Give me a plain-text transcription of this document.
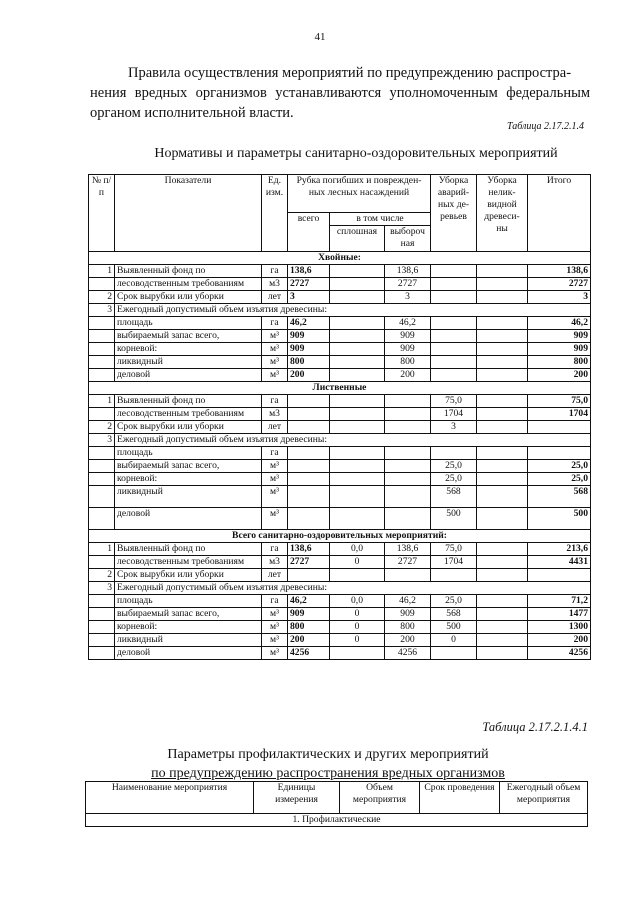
41
Правила осуществления мероприятий по предупреждению распростра-
нения вредных организмов устанавливаются уполномоченным федеральным органом исполнительной власти.
Таблица 2.17.2.1.4
Нормативы и параметры санитарно-оздоровительных мероприятий
№ п/п	Показатели	Ед. изм.	Рубка погибших и поврежден- ных лесных насаждений			Уборка аварий- ных де- ревьев	Уборка нелик- видной древеси- ны	Итого
			всего	в том числе				
				сплошная	выбороч ная			
Хвойные:								
1	Выявленный фонд по	га	138,6		138,6			138,6
	лесоводственным требованиям	м3	2727		2727			2727
2	Срок вырубки или уборки	лет	3		3			3
3	Ежегодный допустимый объем изъятия древесины:							
	площадь	га	46,2		46,2			46,2
	выбираемый запас всего,	м³	909		909			909
	корневой:	м³	909		909			909
	ликвидный	м³	800		800			800
	деловой	м³	200		200			200
Лиственные								
1	Выявленный фонд по	га				75,0		75,0
	лесоводственным требованиям	м3				1704		1704
2	Срок вырубки или уборки	лет				3		
3	Ежегодный допустимый объем изъятия древесины:							
	площадь	га						
	выбираемый запас всего,	м³				25,0		25,0
	корневой:	м³				25,0		25,0
	ликвидный	м³				568		568
	деловой	м³				500		500
Всего санитарно-оздоровительных мероприятий:								
1	Выявленный фонд по	га	138,6	0,0	138,6	75,0		213,6
	лесоводственным требованиям	м3	2727	0	2727	1704		4431
2	Срок вырубки или уборки	лет						
3	Ежегодный допустимый объем изъятия древесины:							
	площадь	га	46,2	0,0	46,2	25,0		71,2
	выбираемый запас всего,	м³	909	0	909	568		1477
	корневой:	м³	800	0	800	500		1300
	ликвидный	м³	200	0	200	0		200
	деловой	м³	4256		4256			4256
Таблица 2.17.2.1.4.1
Параметры профилактических и других мероприятий
по предупреждению распространения вредных организмов
Наименование мероприятия	Единицы измерения	Объем мероприятия	Срок проведения	Ежегодный объем мероприятия
1. Профилактические
